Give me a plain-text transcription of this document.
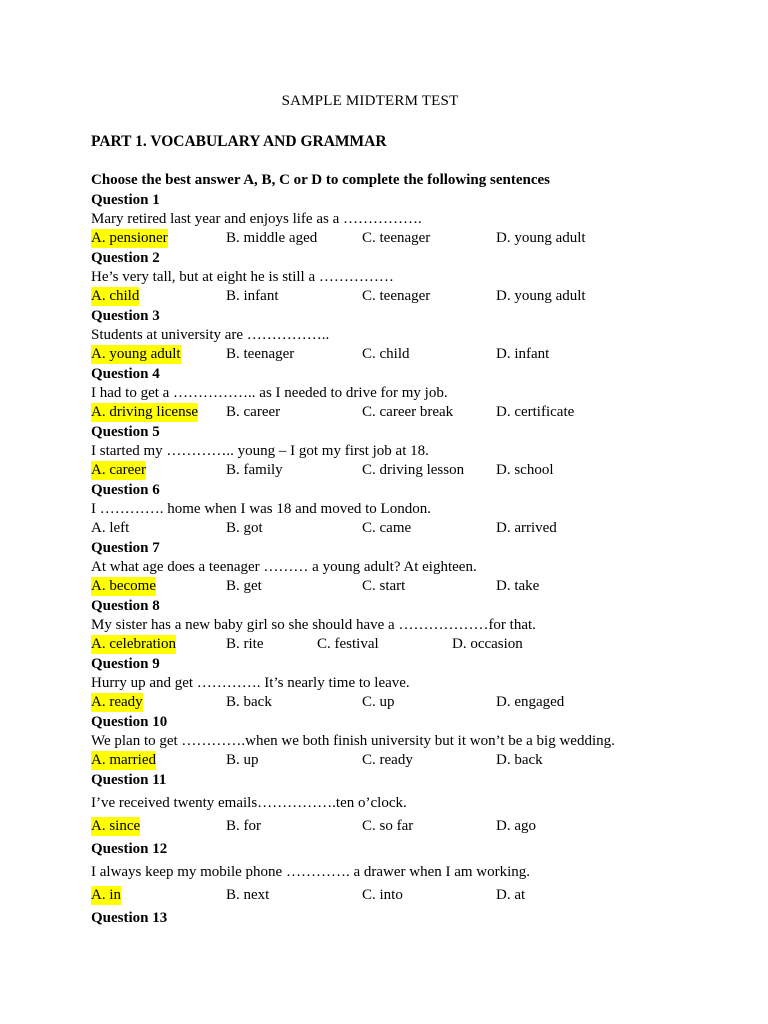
SAMPLE MIDTERM TEST
PART 1. VOCABULARY AND GRAMMAR
Choose the best answer A, B, C or D to complete the following sentences
Question 1
Mary retired last year and enjoys life as a …………….
A. pensioner	B. middle aged	C. teenager	D. young adult
Question 2
He’s very tall, but at eight he is still a ……………
A. child	B. infant	C. teenager	D. young adult
Question 3
Students at university are ……………..
A. young adult	B. teenager	C. child	D. infant
Question 4
I had to get a …………….. as I needed to drive for my job.
A. driving license B. career	C. career break	D. certificate
Question 5
I started my ………….. young – I got my first job at 18.
A. career	B. family	C. driving lesson D. school
Question 6
I …………. home when I was 18 and moved to London.
A. left	B. got	C. came	D. arrived
Question 7
At what age does a teenager ……… a young adult? At eighteen.
A. become	B. get	C. start	D. take
Question 8
My sister has a new baby girl so she should have a ………………for that.
A. celebration	B. rite	C. festival	D. occasion
Question 9
Hurry up and get …………. It’s nearly time to leave.
A. ready	B. back	C. up	D. engaged
Question 10
We plan to get ………….when we both finish university but it won’t be a big wedding.
A. married	B. up	C. ready	D. back
Question 11
I’ve received twenty emails…………….ten o’clock.
A. since	B. for	C. so far	D. ago
Question 12
I always keep my mobile phone …………. a drawer when I am working.
A. in	B. next	C. into	D. at
Question 13
